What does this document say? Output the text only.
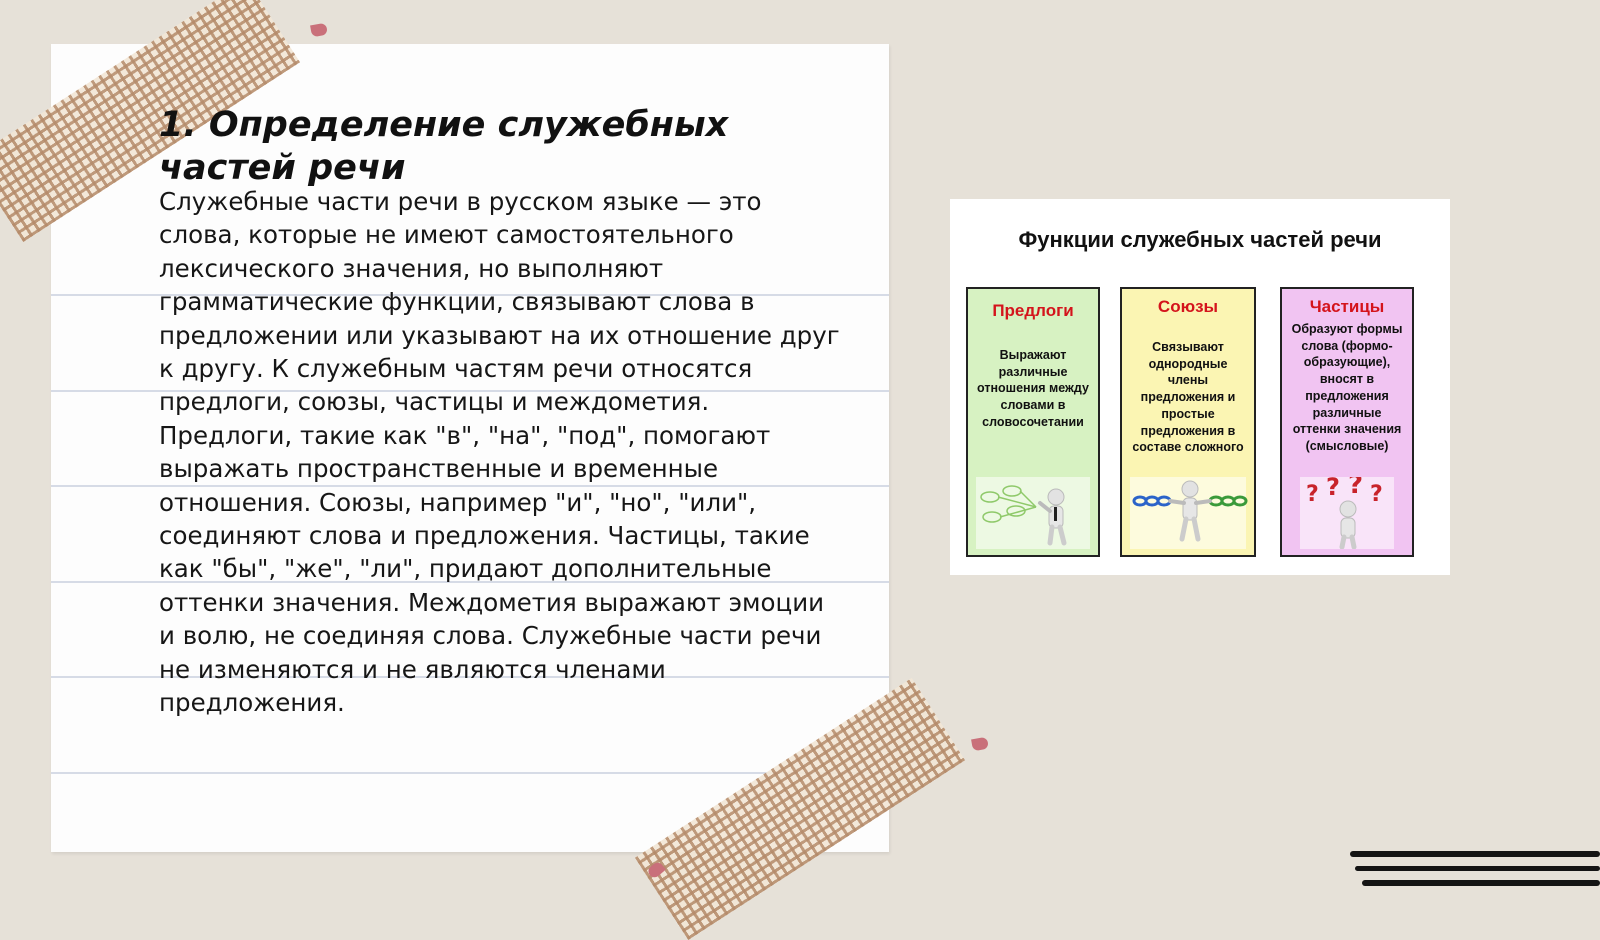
1. Определение служебных частей речи

Служебные части речи в русском языке — это слова, которые не имеют самостоятельного лексического значения, но выполняют грамматические функции, связывают слова в предложении или указывают на их отношение друг к другу. К служебным частям речи относятся предлоги, союзы, частицы и междометия. Предлоги, такие как "в", "на", "под", помогают выражать пространственные и временные отношения. Союзы, например "и", "но", "или", соединяют слова и предложения. Частицы, такие как "бы", "же", "ли", придают дополнительные оттенки значения. Междометия выражают эмоции и волю, не соединяя слова. Служебные части речи не изменяются и не являются членами предложения.

Функции служебных частей речи
Предлоги
Выражают различные отношения между словами в словосочетании
Союзы
Связывают однородные члены предложения и простые предложения в составе сложного
Частицы
Образуют формы слова (формо-образующие), вносят в предложения различные оттенки значения (смысловые)
? ? ? ?
